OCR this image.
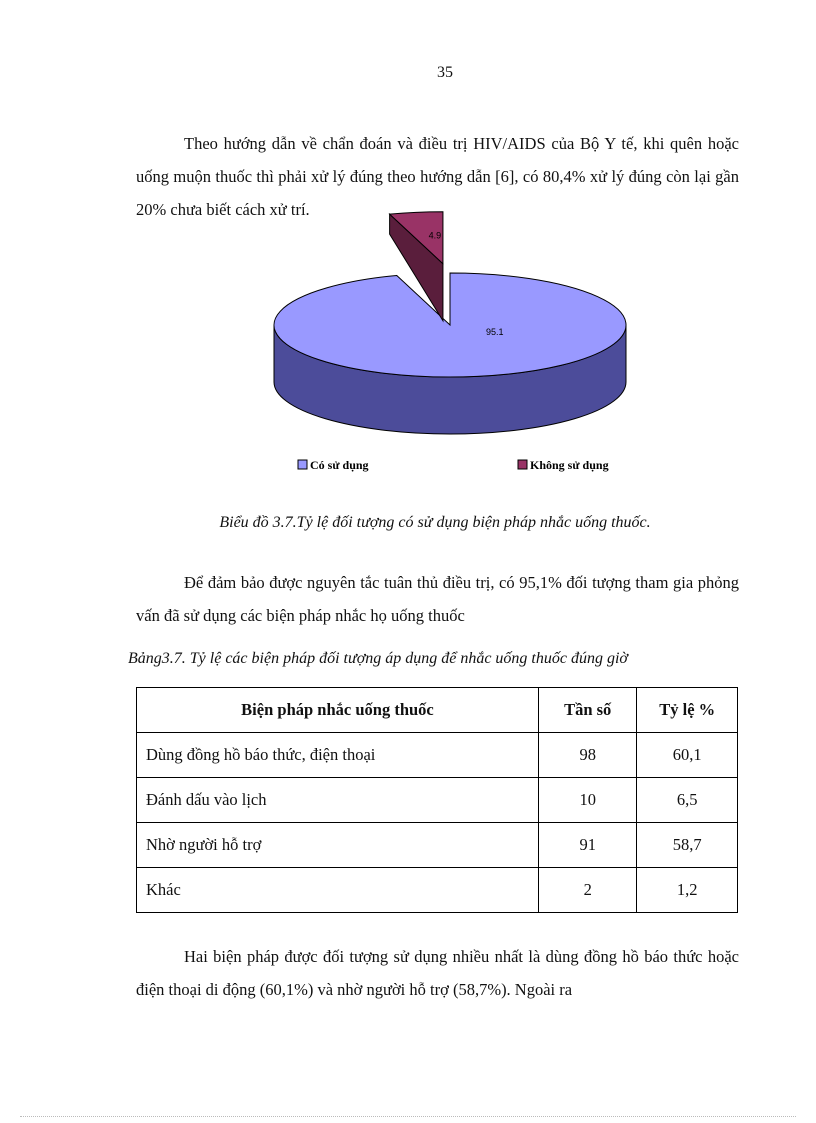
35

Theo hướng dẫn về chẩn đoán và điều trị HIV/AIDS của Bộ Y tế, khi quên hoặc uống muộn thuốc thì phải xử lý đúng theo hướng dẫn [6], có 80,4% xử lý đúng còn lại gần 20% chưa biết cách xử trí.

95.1
4.9
Có sử dụng	Không sử dụng

Biểu đồ 3.7.Tỷ lệ đối tượng có sử dụng biện pháp nhắc uống thuốc.

Để đảm bảo được nguyên tắc tuân thủ điều trị, có 95,1% đối tượng tham gia phỏng vấn đã sử dụng các biện pháp nhắc họ uống thuốc

Bảng3.7. Tỷ lệ các biện pháp đối tượng áp dụng để nhắc uống thuốc đúng giờ

Biện pháp nhắc uống thuốc	Tần số	Tỷ lệ %
Dùng đồng hồ báo thức, điện thoại	98	60,1
Đánh dấu vào lịch	10	6,5
Nhờ người hỗ trợ	91	58,7
Khác	2	1,2

Hai biện pháp được đối tượng sử dụng nhiều nhất là dùng đồng hồ báo thức hoặc điện thoại di động (60,1%) và nhờ người hỗ trợ (58,7%). Ngoài ra
